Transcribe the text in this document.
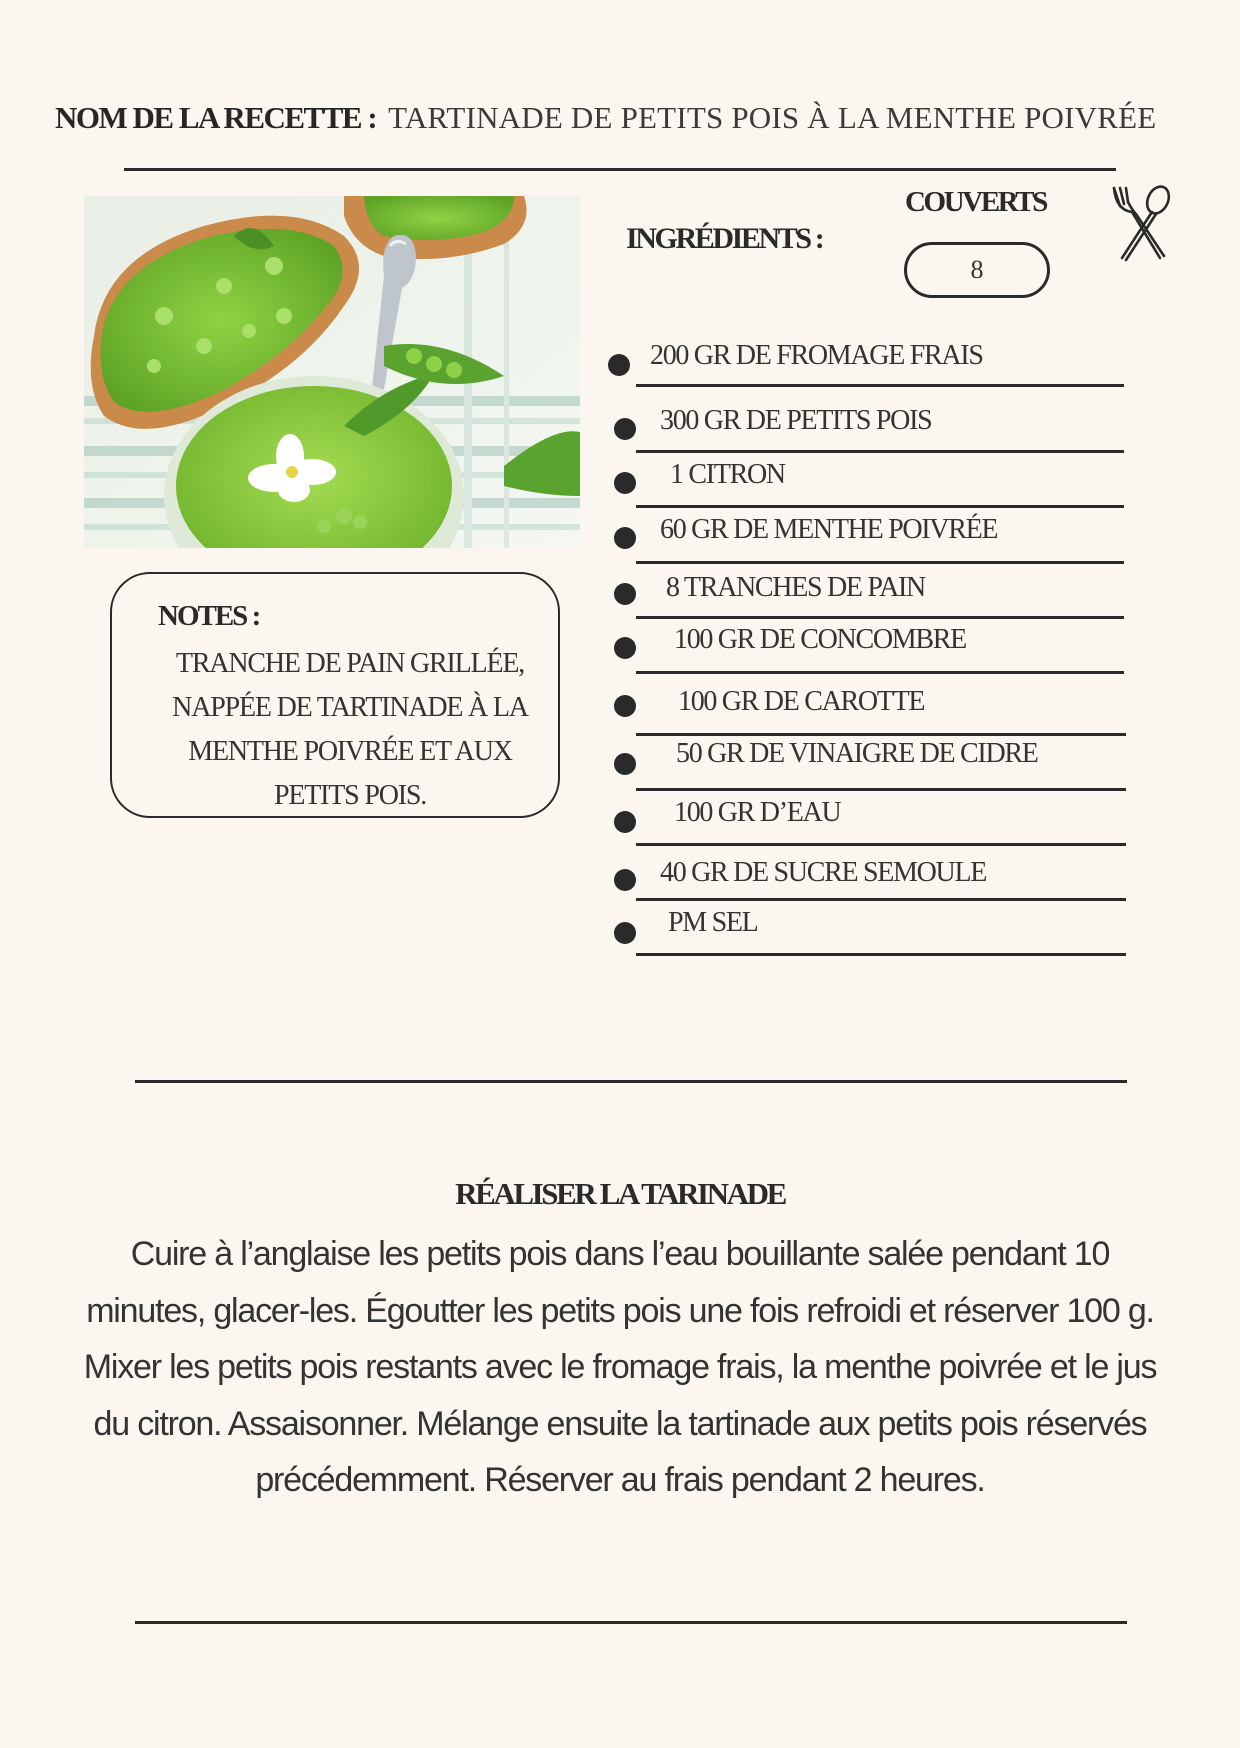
NOM DE LA RECETTE : TARTINADE DE PETITS POIS À LA MENTHE POIVRÉE
NOTES :
TRANCHE DE PAIN GRILLÉE, NAPPÉE DE TARTINADE À LA MENTHE POIVRÉE ET AUX PETITS POIS.
INGRÉDIENTS :
COUVERTS
8
200 GR DE FROMAGE FRAIS
300 GR DE PETITS POIS
1 CITRON
60 GR DE MENTHE POIVRÉE
8 TRANCHES DE PAIN
100 GR DE CONCOMBRE
100 GR DE CAROTTE
50 GR DE VINAIGRE DE CIDRE
100 GR D’EAU
40 GR DE SUCRE SEMOULE
PM SEL
RÉALISER LA TARINADE
Cuire à l’anglaise les petits pois dans l’eau bouillante salée pendant 10 minutes, glacer-les. Égoutter les petits pois une fois refroidi et réserver 100 g. Mixer les petits pois restants avec le fromage frais, la menthe poivrée et le jus du citron. Assaisonner. Mélange ensuite la tartinade aux petits pois réservés précédemment. Réserver au frais pendant 2 heures.
